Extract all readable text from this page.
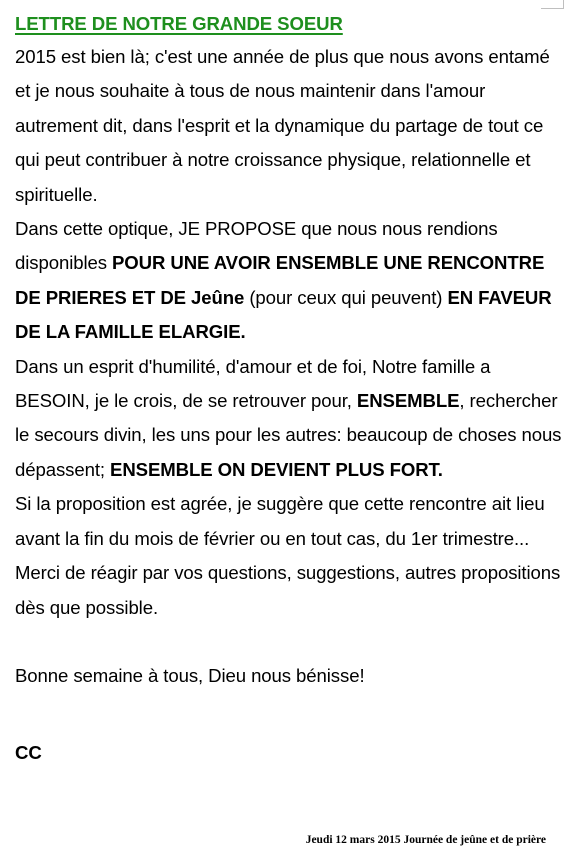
LETTRE DE NOTRE GRANDE SOEUR

2015 est bien là; c'est une année de plus que nous avons entamé et je nous souhaite à tous de nous maintenir dans l'amour autrement dit, dans l'esprit et la dynamique du partage de tout ce qui peut contribuer à notre croissance physique, relationnelle et spirituelle.

Dans cette optique, JE PROPOSE que nous nous rendions disponibles POUR UNE AVOIR ENSEMBLE UNE RENCONTRE DE PRIERES ET DE Jeûne (pour ceux qui peuvent) EN FAVEUR DE LA FAMILLE ELARGIE.

Dans un esprit d'humilité, d'amour et de foi, Notre famille a BESOIN, je le crois, de se retrouver pour, ENSEMBLE, rechercher le secours divin, les uns pour les autres: beaucoup de choses nous dépassent; ENSEMBLE ON DEVIENT PLUS FORT.

Si la proposition est agrée, je suggère que cette rencontre ait lieu avant la fin du mois de février ou en tout cas, du 1er trimestre...

Merci de réagir par vos questions, suggestions, autres propositions dès que possible.

Bonne semaine à tous, Dieu nous bénisse!

CC

Jeudi 12 mars 2015 Journée de jeûne et de prière
